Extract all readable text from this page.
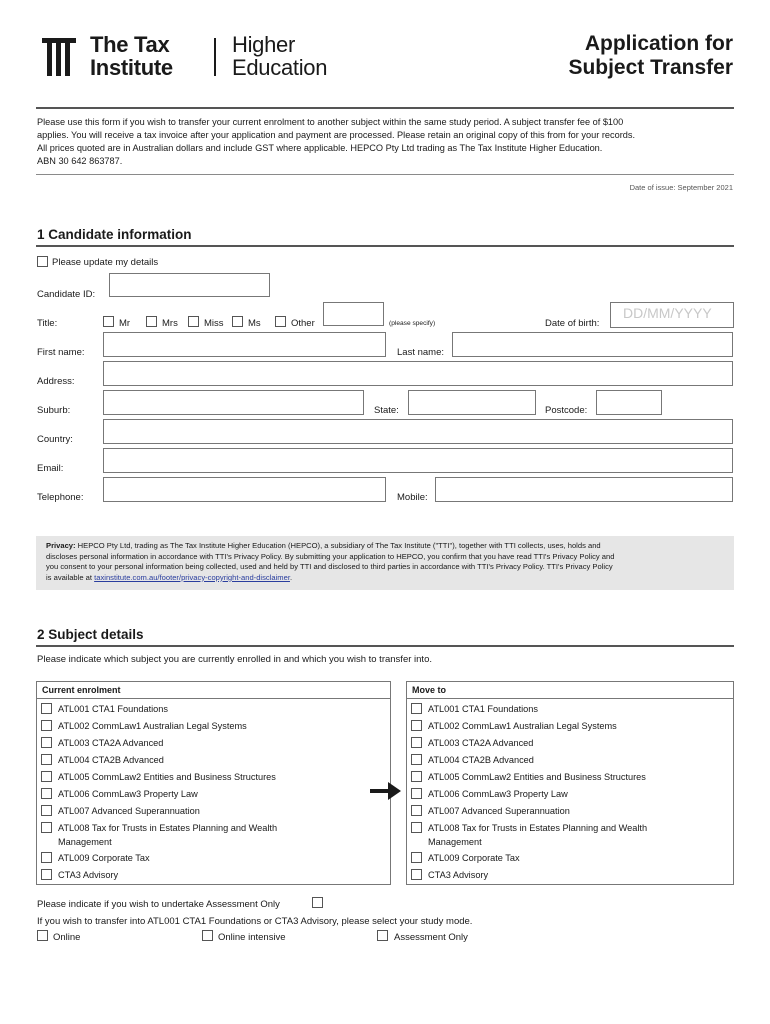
The Tax
Institute
Higher
Education
Application for
Subject Transfer
Please use this form if you wish to transfer your current enrolment to another subject within the same study period. A subject transfer fee of $100
applies. You will receive a tax invoice after your application and payment are processed. Please retain an original copy of this from for your records.
All prices quoted are in Australian dollars and include GST where applicable. HEPCO Pty Ltd trading as The Tax Institute Higher Education.
ABN 30 642 863787.
Date of issue: September 2021
1 Candidate information
Please update my details
Candidate ID:
Title:	Mr	Mrs	Miss	Ms	Other	(please specify)	Date of birth:
DD/MM/YYYY
First name:	Last name:
Address:
Suburb:	State:	Postcode:
Country:
Email:
Telephone:	Mobile:
Privacy: HEPCO Pty Ltd, trading as The Tax Institute Higher Education (HEPCO), a subsidiary of The Tax Institute ("TTI"), together with TTI collects, uses, holds and
discloses personal information in accordance with TTI's Privacy Policy. By submitting your application to HEPCO, you confirm that you have read TTI's Privacy Policy and
you consent to your personal information being collected, used and held by TTI and disclosed to third parties in accordance with TTI's Privacy Policy. TTI's Privacy Policy
is available at taxinstitute.com.au/footer/privacy-copyright-and-disclaimer.
2 Subject details
Please indicate which subject you are currently enrolled in and which you wish to transfer into.
Current enrolment
ATL001 CTA1 Foundations
ATL002 CommLaw1 Australian Legal Systems
ATL003 CTA2A Advanced
ATL004 CTA2B Advanced
ATL005 CommLaw2 Entities and Business Structures
ATL006 CommLaw3 Property Law
ATL007 Advanced Superannuation
ATL008 Tax for Trusts in Estates Planning and Wealth
Management
ATL009 Corporate Tax
CTA3 Advisory
Move to
ATL001 CTA1 Foundations
ATL002 CommLaw1 Australian Legal Systems
ATL003 CTA2A Advanced
ATL004 CTA2B Advanced
ATL005 CommLaw2 Entities and Business Structures
ATL006 CommLaw3 Property Law
ATL007 Advanced Superannuation
ATL008 Tax for Trusts in Estates Planning and Wealth
Management
ATL009 Corporate Tax
CTA3 Advisory
Please indicate if you wish to undertake Assessment Only
If you wish to transfer into ATL001 CTA1 Foundations or CTA3 Advisory, please select your study mode.
Online	Online intensive	Assessment Only
